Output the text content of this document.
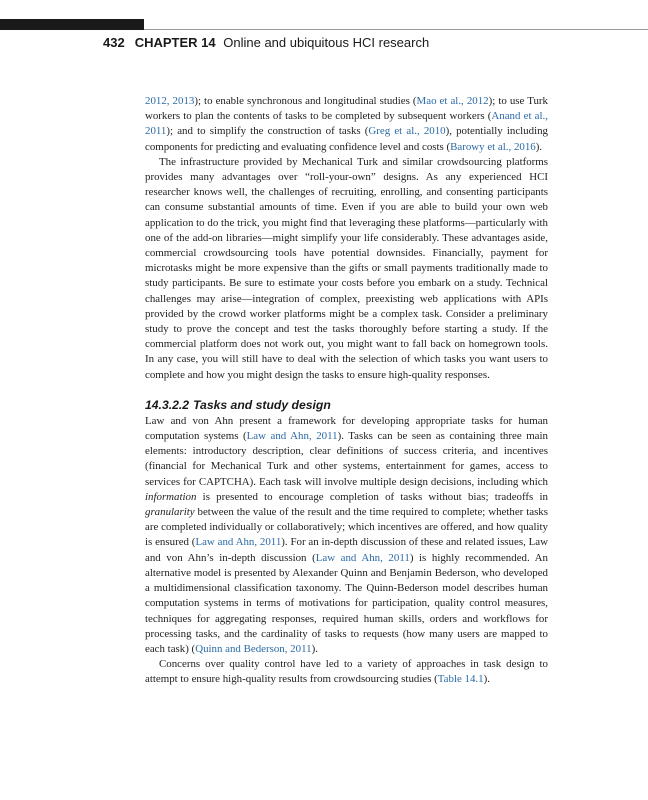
432 CHAPTER 14 Online and ubiquitous HCI research

2012, 2013); to enable synchronous and longitudinal studies (Mao et al., 2012); to use Turk workers to plan the contents of tasks to be completed by subsequent workers (Anand et al., 2011); and to simplify the construction of tasks (Greg et al., 2010), potentially including components for predicting and evaluating confidence level and costs (Barowy et al., 2016).

The infrastructure provided by Mechanical Turk and similar crowdsourcing platforms provides many advantages over “roll-your-own” designs. As any experienced HCI researcher knows well, the challenges of recruiting, enrolling, and consenting participants can consume substantial amounts of time. Even if you are able to build your own web application to do the trick, you might find that leveraging these platforms—particularly with one of the add-on libraries—might simplify your life considerably. These advantages aside, commercial crowdsourcing tools have potential downsides. Financially, payment for microtasks might be more expensive than the gifts or small payments traditionally made to study participants. Be sure to estimate your costs before you embark on a study. Technical challenges may arise—integration of complex, preexisting web applications with APIs provided by the crowd worker platforms might be a complex task. Consider a preliminary study to prove the concept and test the tasks thoroughly before starting a study. If the commercial platform does not work out, you might want to fall back on homegrown tools. In any case, you will still have to deal with the selection of which tasks you want users to complete and how you might design the tasks to ensure high-quality responses.

14.3.2.2 Tasks and study design

Law and von Ahn present a framework for developing appropriate tasks for human computation systems (Law and Ahn, 2011). Tasks can be seen as containing three main elements: introductory description, clear definitions of success criteria, and incentives (financial for Mechanical Turk and other systems, entertainment for games, access to services for CAPTCHA). Each task will involve multiple design decisions, including which information is presented to encourage completion of tasks without bias; tradeoffs in granularity between the value of the result and the time required to complete; whether tasks are completed individually or collaboratively; which incentives are offered, and how quality is ensured (Law and Ahn, 2011). For an in-depth discussion of these and related issues, Law and von Ahn’s in-depth discussion (Law and Ahn, 2011) is highly recommended. An alternative model is presented by Alexander Quinn and Benjamin Bederson, who developed a multidimensional classification taxonomy. The Quinn-Bederson model describes human computation systems in terms of motivations for participation, quality control measures, techniques for aggregating responses, required human skills, orders and workflows for processing tasks, and the cardinality of tasks to requests (how many users are mapped to each task) (Quinn and Bederson, 2011).

Concerns over quality control have led to a variety of approaches in task design to attempt to ensure high-quality results from crowdsourcing studies (Table 14.1).
